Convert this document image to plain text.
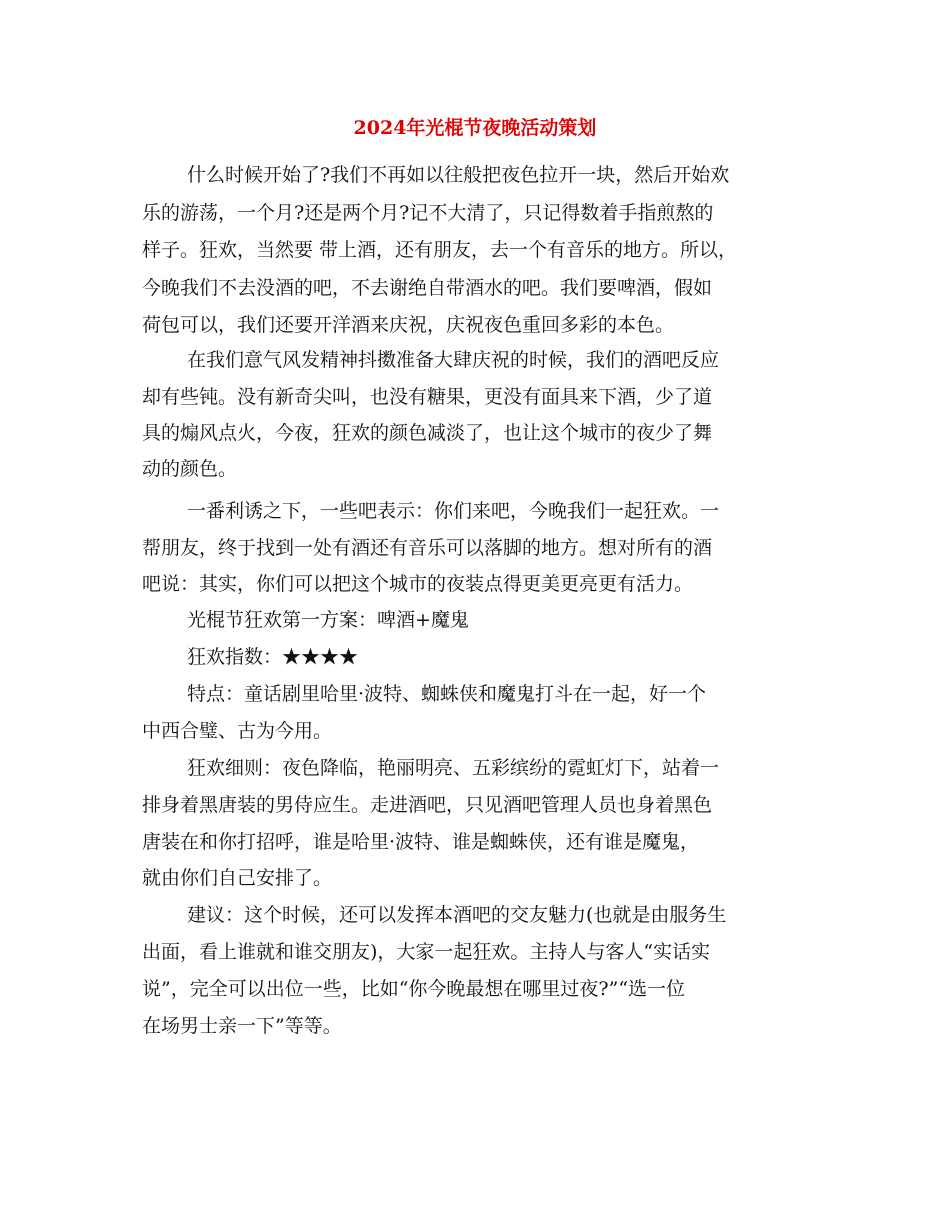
2024年光棍节夜晚活动策划
什么时候开始了?我们不再如以往般把夜色拉开一块，然后开始欢
乐的游荡，一个月?还是两个月?记不大清了，只记得数着手指煎熬的
样子。狂欢，当然要 带上酒，还有朋友，去一个有音乐的地方。所以，
今晚我们不去没酒的吧，不去谢绝自带酒水的吧。我们要啤酒，假如
荷包可以，我们还要开洋酒来庆祝，庆祝夜色重回多彩的本色。
在我们意气风发精神抖擞准备大肆庆祝的时候，我们的酒吧反应
却有些钝。没有新奇尖叫，也没有糖果，更没有面具来下酒，少了道
具的煽风点火，今夜，狂欢的颜色减淡了，也让这个城市的夜少了舞
动的颜色。
一番利诱之下，一些吧表示：你们来吧，今晚我们一起狂欢。一
帮朋友，终于找到一处有酒还有音乐可以落脚的地方。想对所有的酒
吧说：其实，你们可以把这个城市的夜装点得更美更亮更有活力。
光棍节狂欢第一方案：啤酒+魔鬼
狂欢指数：★★★★
特点：童话剧里哈里·波特、蜘蛛侠和魔鬼打斗在一起，好一个
中西合璧、古为今用。
狂欢细则：夜色降临，艳丽明亮、五彩缤纷的霓虹灯下，站着一
排身着黑唐装的男侍应生。走进酒吧，只见酒吧管理人员也身着黑色
唐装在和你打招呼，谁是哈里·波特、谁是蜘蛛侠，还有谁是魔鬼，
就由你们自己安排了。
建议：这个时候，还可以发挥本酒吧的交友魅力(也就是由服务生
出面，看上谁就和谁交朋友)，大家一起狂欢。主持人与客人“实话实
说”，完全可以出位一些，比如“你今晚最想在哪里过夜?”“选一位
在场男士亲一下”等等。
